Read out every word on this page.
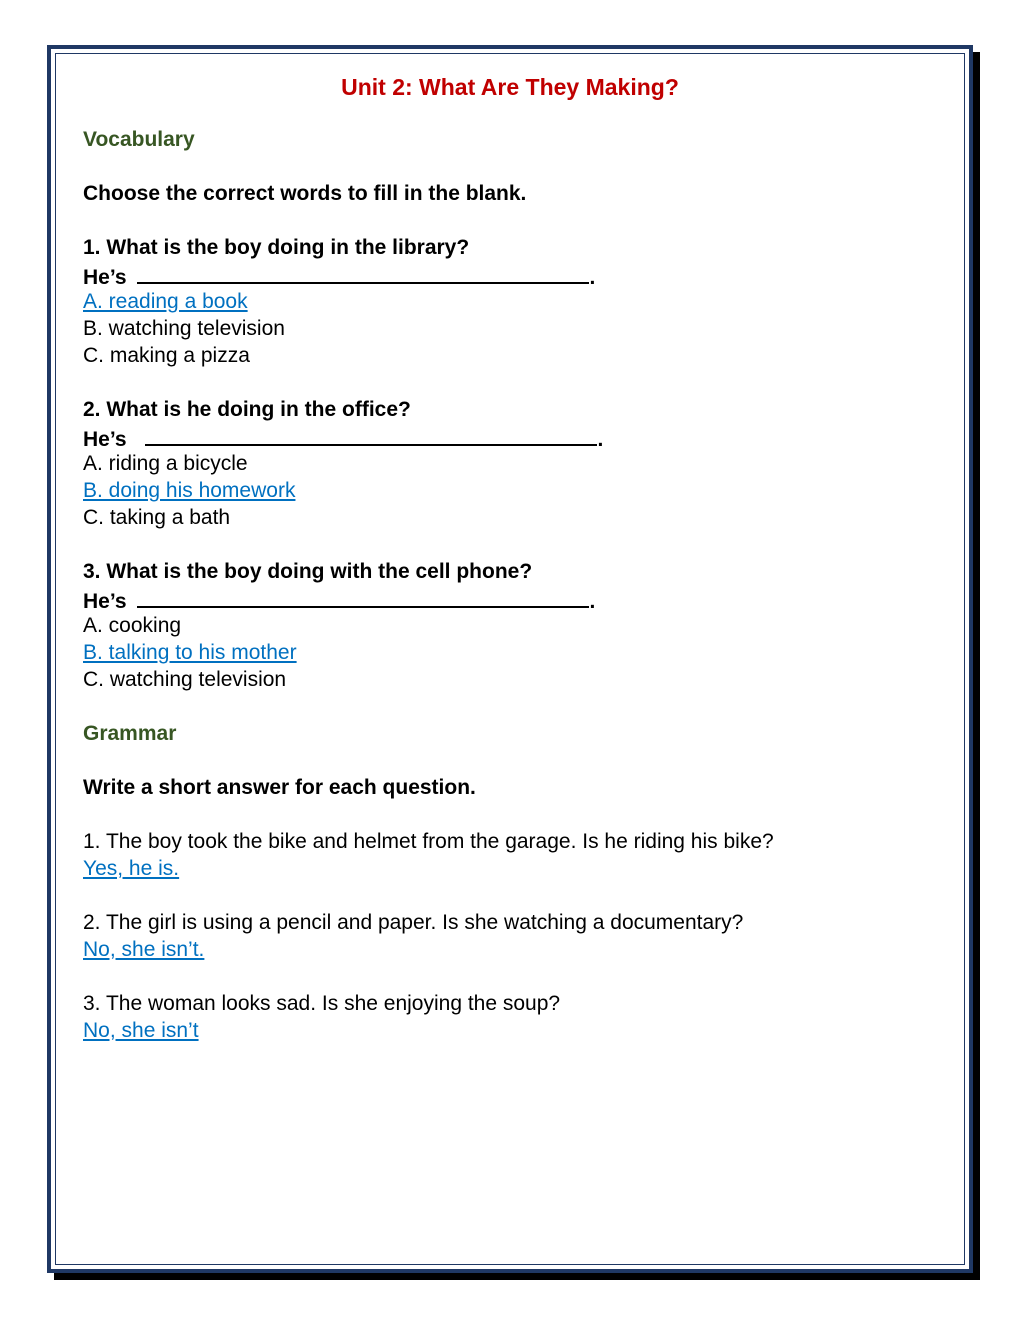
Unit 2: What Are They Making?
Vocabulary
Choose the correct words to fill in the blank.
1. What is the boy doing in the library?
He’s	.
A. reading a book
B. watching television
C. making a pizza
2. What is he doing in the office?
He’s	.
A. riding a bicycle
B. doing his homework
C. taking a bath
3. What is the boy doing with the cell phone?
He’s	.
A. cooking
B. talking to his mother
C. watching television
Grammar
Write a short answer for each question.
1. The boy took the bike and helmet from the garage. Is he riding his bike?
Yes, he is.
2. The girl is using a pencil and paper. Is she watching a documentary?
No, she isn’t.
3. The woman looks sad. Is she enjoying the soup?
No, she isn’t
